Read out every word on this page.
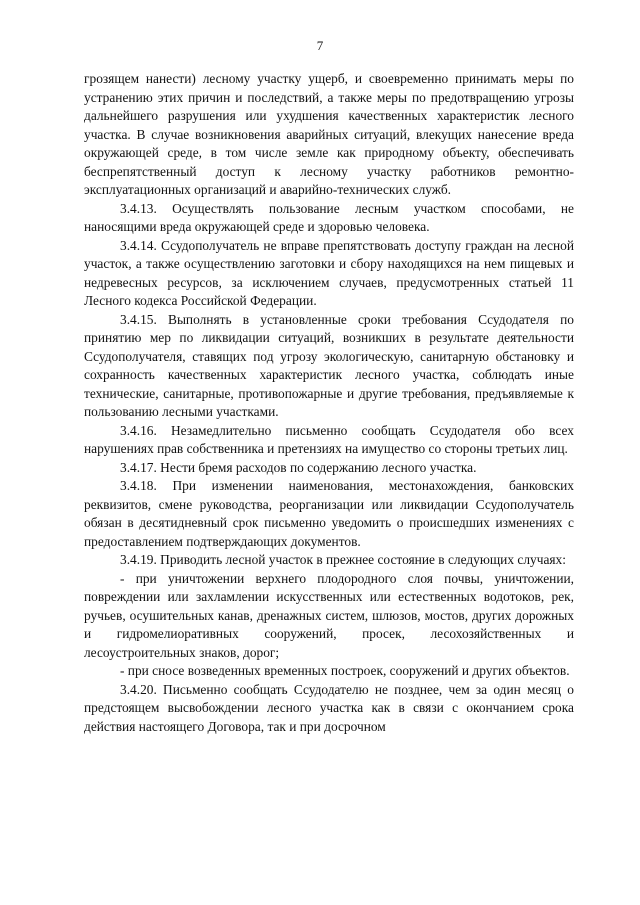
7

грозящем нанести) лесному участку ущерб, и своевременно принимать меры по устранению этих причин и последствий, а также меры по предотвращению угрозы дальнейшего разрушения или ухудшения качественных характеристик лесного участка. В случае возникновения аварийных ситуаций, влекущих нанесение вреда окружающей среде, в том числе земле как природному объекту, обеспечивать беспрепятственный доступ к лесному участку работников ремонтно-эксплуатационных организаций и аварийно-технических служб.

3.4.13. Осуществлять пользование лесным участком способами, не наносящими вреда окружающей среде и здоровью человека.

3.4.14. Ссудополучатель не вправе препятствовать доступу граждан на лесной участок, а также осуществлению заготовки и сбору находящихся на нем пищевых и недревесных ресурсов, за исключением случаев, предусмотренных статьей 11 Лесного кодекса Российской Федерации.

3.4.15. Выполнять в установленные сроки требования Ссудодателя по принятию мер по ликвидации ситуаций, возникших в результате деятельности Ссудополучателя, ставящих под угрозу экологическую, санитарную обстановку и сохранность качественных характеристик лесного участка, соблюдать иные технические, санитарные, противопожарные и другие требования, предъявляемые к пользованию лесными участками.

3.4.16. Незамедлительно письменно сообщать Ссудодателя обо всех нарушениях прав собственника и претензиях на имущество со стороны третьих лиц.

3.4.17. Нести бремя расходов по содержанию лесного участка.

3.4.18. При изменении наименования, местонахождения, банковских реквизитов, смене руководства, реорганизации или ликвидации Ссудополучатель обязан в десятидневный срок письменно уведомить о происшедших изменениях с предоставлением подтверждающих документов.

3.4.19. Приводить лесной участок в прежнее состояние в следующих случаях:

- при уничтожении верхнего плодородного слоя почвы, уничтожении, повреждении или захламлении искусственных или естественных водотоков, рек, ручьев, осушительных канав, дренажных систем, шлюзов, мостов, других дорожных и гидромелиоративных сооружений, просек, лесохозяйственных и лесоустроительных знаков, дорог;

- при сносе возведенных временных построек, сооружений и других объектов.

3.4.20. Письменно сообщать Ссудодателю не позднее, чем за один месяц о предстоящем высвобождении лесного участка как в связи с окончанием срока действия настоящего Договора, так и при досрочном
